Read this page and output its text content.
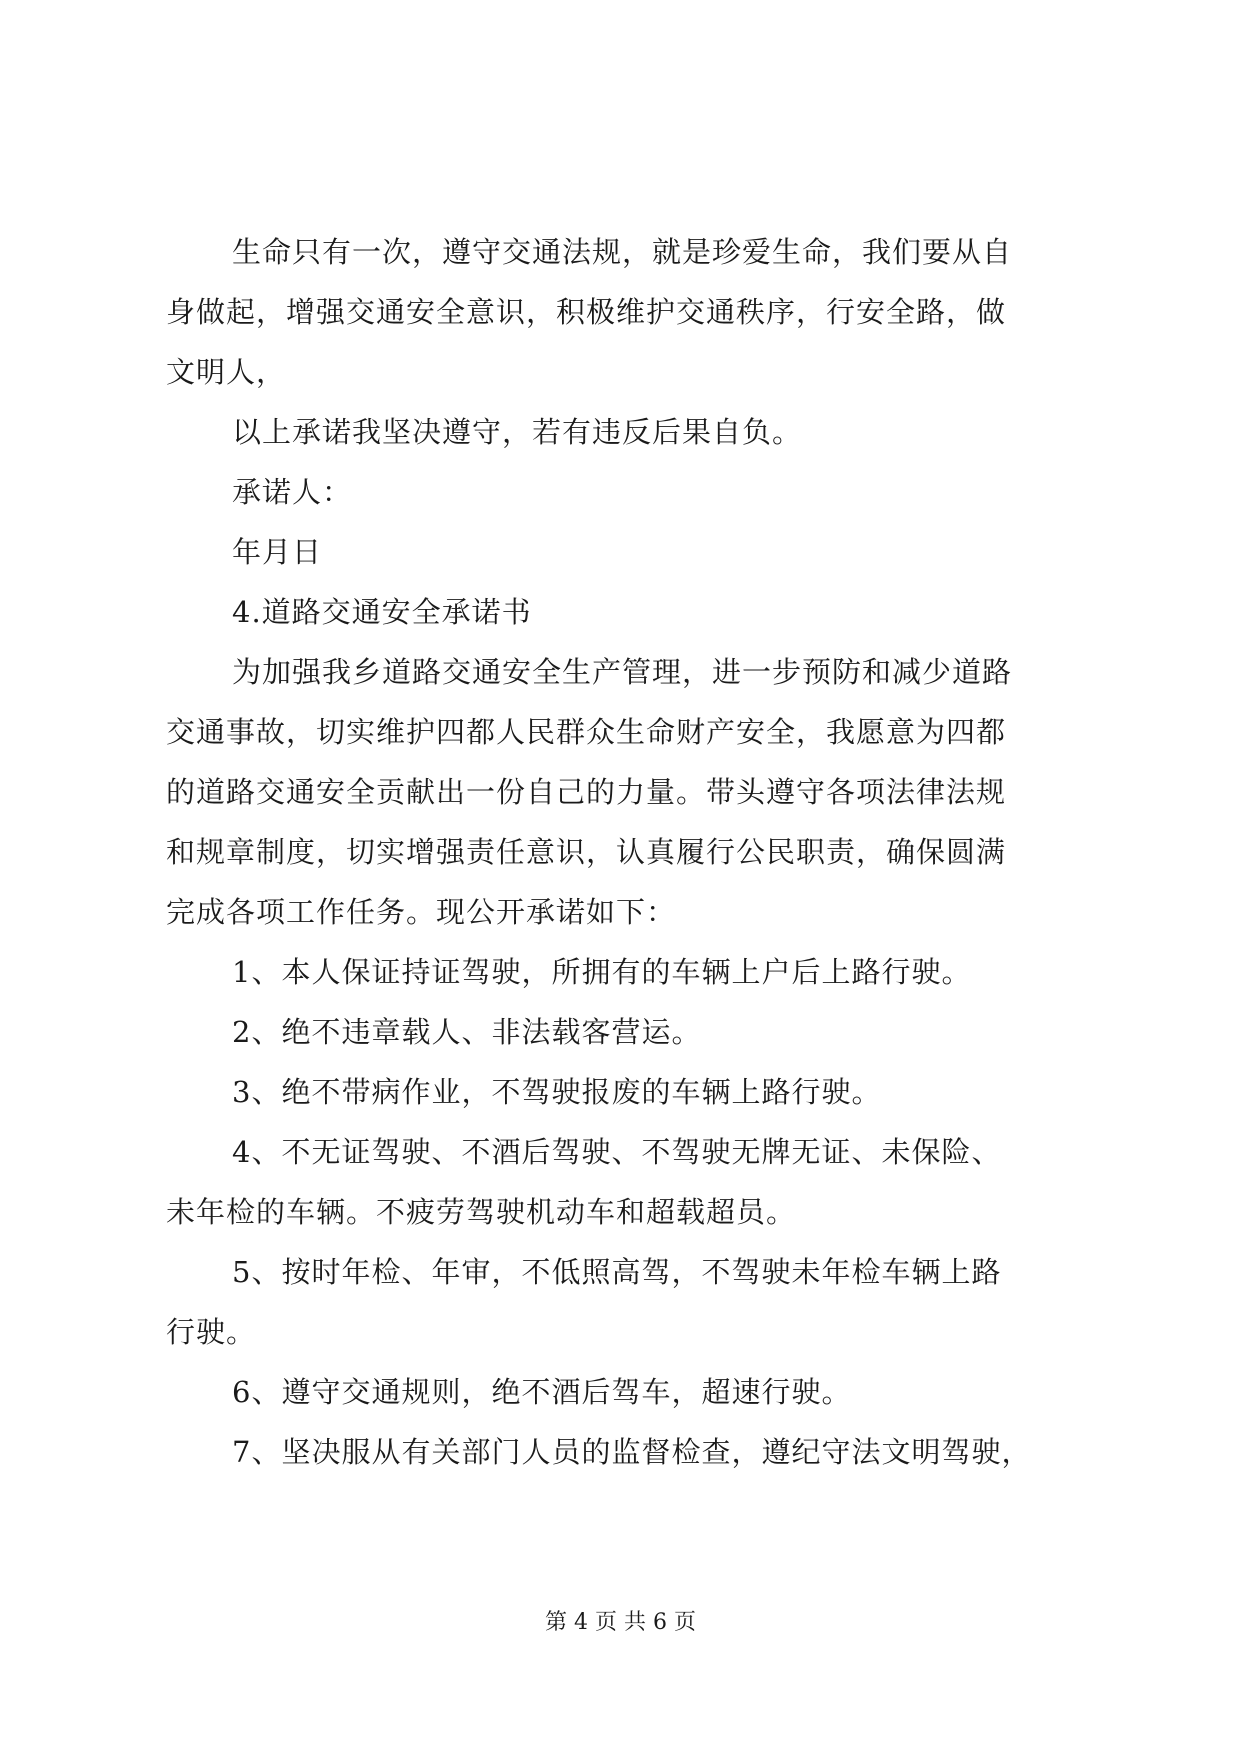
生命只有一次，遵守交通法规，就是珍爱生命，我们要从自
身做起，增强交通安全意识，积极维护交通秩序，行安全路，做
文明人，
以上承诺我坚决遵守，若有违反后果自负。
承诺人：
年月日
4.道路交通安全承诺书
为加强我乡道路交通安全生产管理，进一步预防和减少道路
交通事故，切实维护四都人民群众生命财产安全，我愿意为四都
的道路交通安全贡献出一份自己的力量。带头遵守各项法律法规
和规章制度，切实增强责任意识，认真履行公民职责，确保圆满
完成各项工作任务。现公开承诺如下：
1、本人保证持证驾驶，所拥有的车辆上户后上路行驶。
2、绝不违章载人、非法载客营运。
3、绝不带病作业，不驾驶报废的车辆上路行驶。
4、不无证驾驶、不酒后驾驶、不驾驶无牌无证、未保险、
未年检的车辆。不疲劳驾驶机动车和超载超员。
5、按时年检、年审，不低照高驾，不驾驶未年检车辆上路
行驶。
6、遵守交通规则，绝不酒后驾车，超速行驶。
7、坚决服从有关部门人员的监督检查，遵纪守法文明驾驶，
第 4 页 共 6 页
